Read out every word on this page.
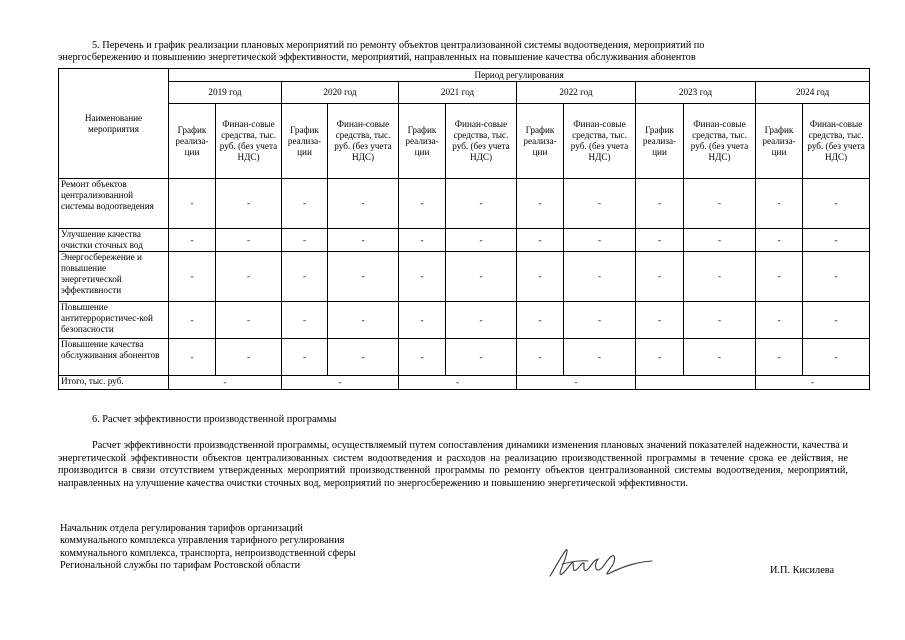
5. Перечень и график реализации плановых мероприятий по ремонту объектов централизованной системы водоотведения, мероприятий по

энергосбережению и повышению энергетической эффективности, мероприятий, направленных на повышение качества обслуживания абонентов

Наименование мероприятия	Период регулирования											
	2019 год		2020 год		2021 год		2022 год		2023 год		2024 год	
	График реализа-ции	Финан-совые средства, тыс. руб. (без учета НДС)	График реализа-ции	Финан-совые средства, тыс. руб. (без учета НДС)	График реализа-ции	Финан-совые средства, тыс. руб. (без учета НДС)	График реализа-ции	Финан-совые средства, тыс. руб. (без учета НДС)	График реализа-ции	Финан-совые средства, тыс. руб. (без учета НДС)	График реализа-ции	Финан-совые средства, тыс. руб. (без учета НДС)
Ремонт объектов централизованной системы водоотведения	-	-	-	-	-	-	-	-	-	-	-	-
Улучшение качества очистки сточных вод	-	-	-	-	-	-	-	-	-	-	-	-
Энергосбережение и повышение энергетической эффективности	-	-	-	-	-	-	-	-	-	-	-	-
Повышение антитеррористичес-кой безопасности	-	-	-	-	-	-	-	-	-	-	-	-
Повышение качества обслуживания абонентов	-	-	-	-	-	-	-	-	-	-	-	-
Итого, тыс. руб.	-		-		-		-				-	

6. Расчет эффективности производственной программы

Расчет эффективности производственной программы, осуществляемый путем сопоставления динамики изменения плановых значений показателей надежности, качества и энергетической эффективности объектов централизованных систем водоотведения и расходов на реализацию производственной программы в течение срока ее действия, не производится в связи отсутствием утвержденных мероприятий производственной программы по ремонту объектов централизованной системы водоотведения, мероприятий, направленных на улучшение качества очистки сточных вод, мероприятий по энергосбережению и повышению энергетической эффективности.

Начальник отдела регулирования тарифов организаций
коммунального комплекса управления тарифного регулирования
коммунального комплекса, транспорта, непроизводственной сферы
Региональной службы по тарифам Ростовской области	И.П. Кисилева
